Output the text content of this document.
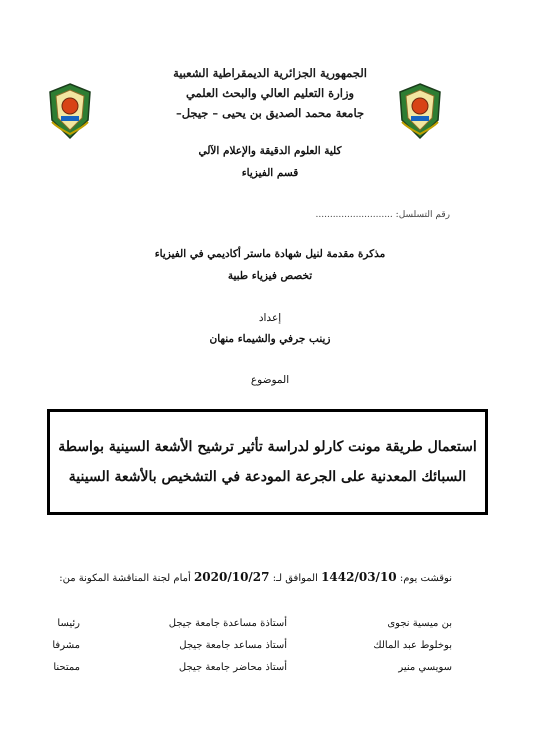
الجمهورية الجزائرية الديمقراطية الشعبية
وزارة التعليم العالي والبحث العلمي
جامعة محمد الصديق بن يحيى – جيجل–
كلية العلوم الدقيقة والإعلام الآلي
قسم الفيزياء
رقم التسلسل: ...........................
مذكرة مقدمة لنيل شهادة ماستر أكاديمي في الفيزياء
تخصص فيزياء طبية
إعداد
زينب جرفي والشيماء منهان
الموضوع
استعمال طريقة مونت كارلو لدراسة تأثير ترشيح الأشعة السينية بواسطة
السبائك المعدنية على الجرعة المودعة في التشخيص بالأشعة السينية
نوقشت يوم: 1442/03/10 الموافق لـ: 2020/10/27 أمام لجنة المناقشة المكونة من:
بن ميسية نجوى
أستاذة مساعدة جامعة جيجل
رئيسا
بوخلوط عبد المالك
أستاذ مساعد جامعة جيجل
مشرفا
سويسي منير
أستاذ محاضر جامعة جيجل
ممتحنا
